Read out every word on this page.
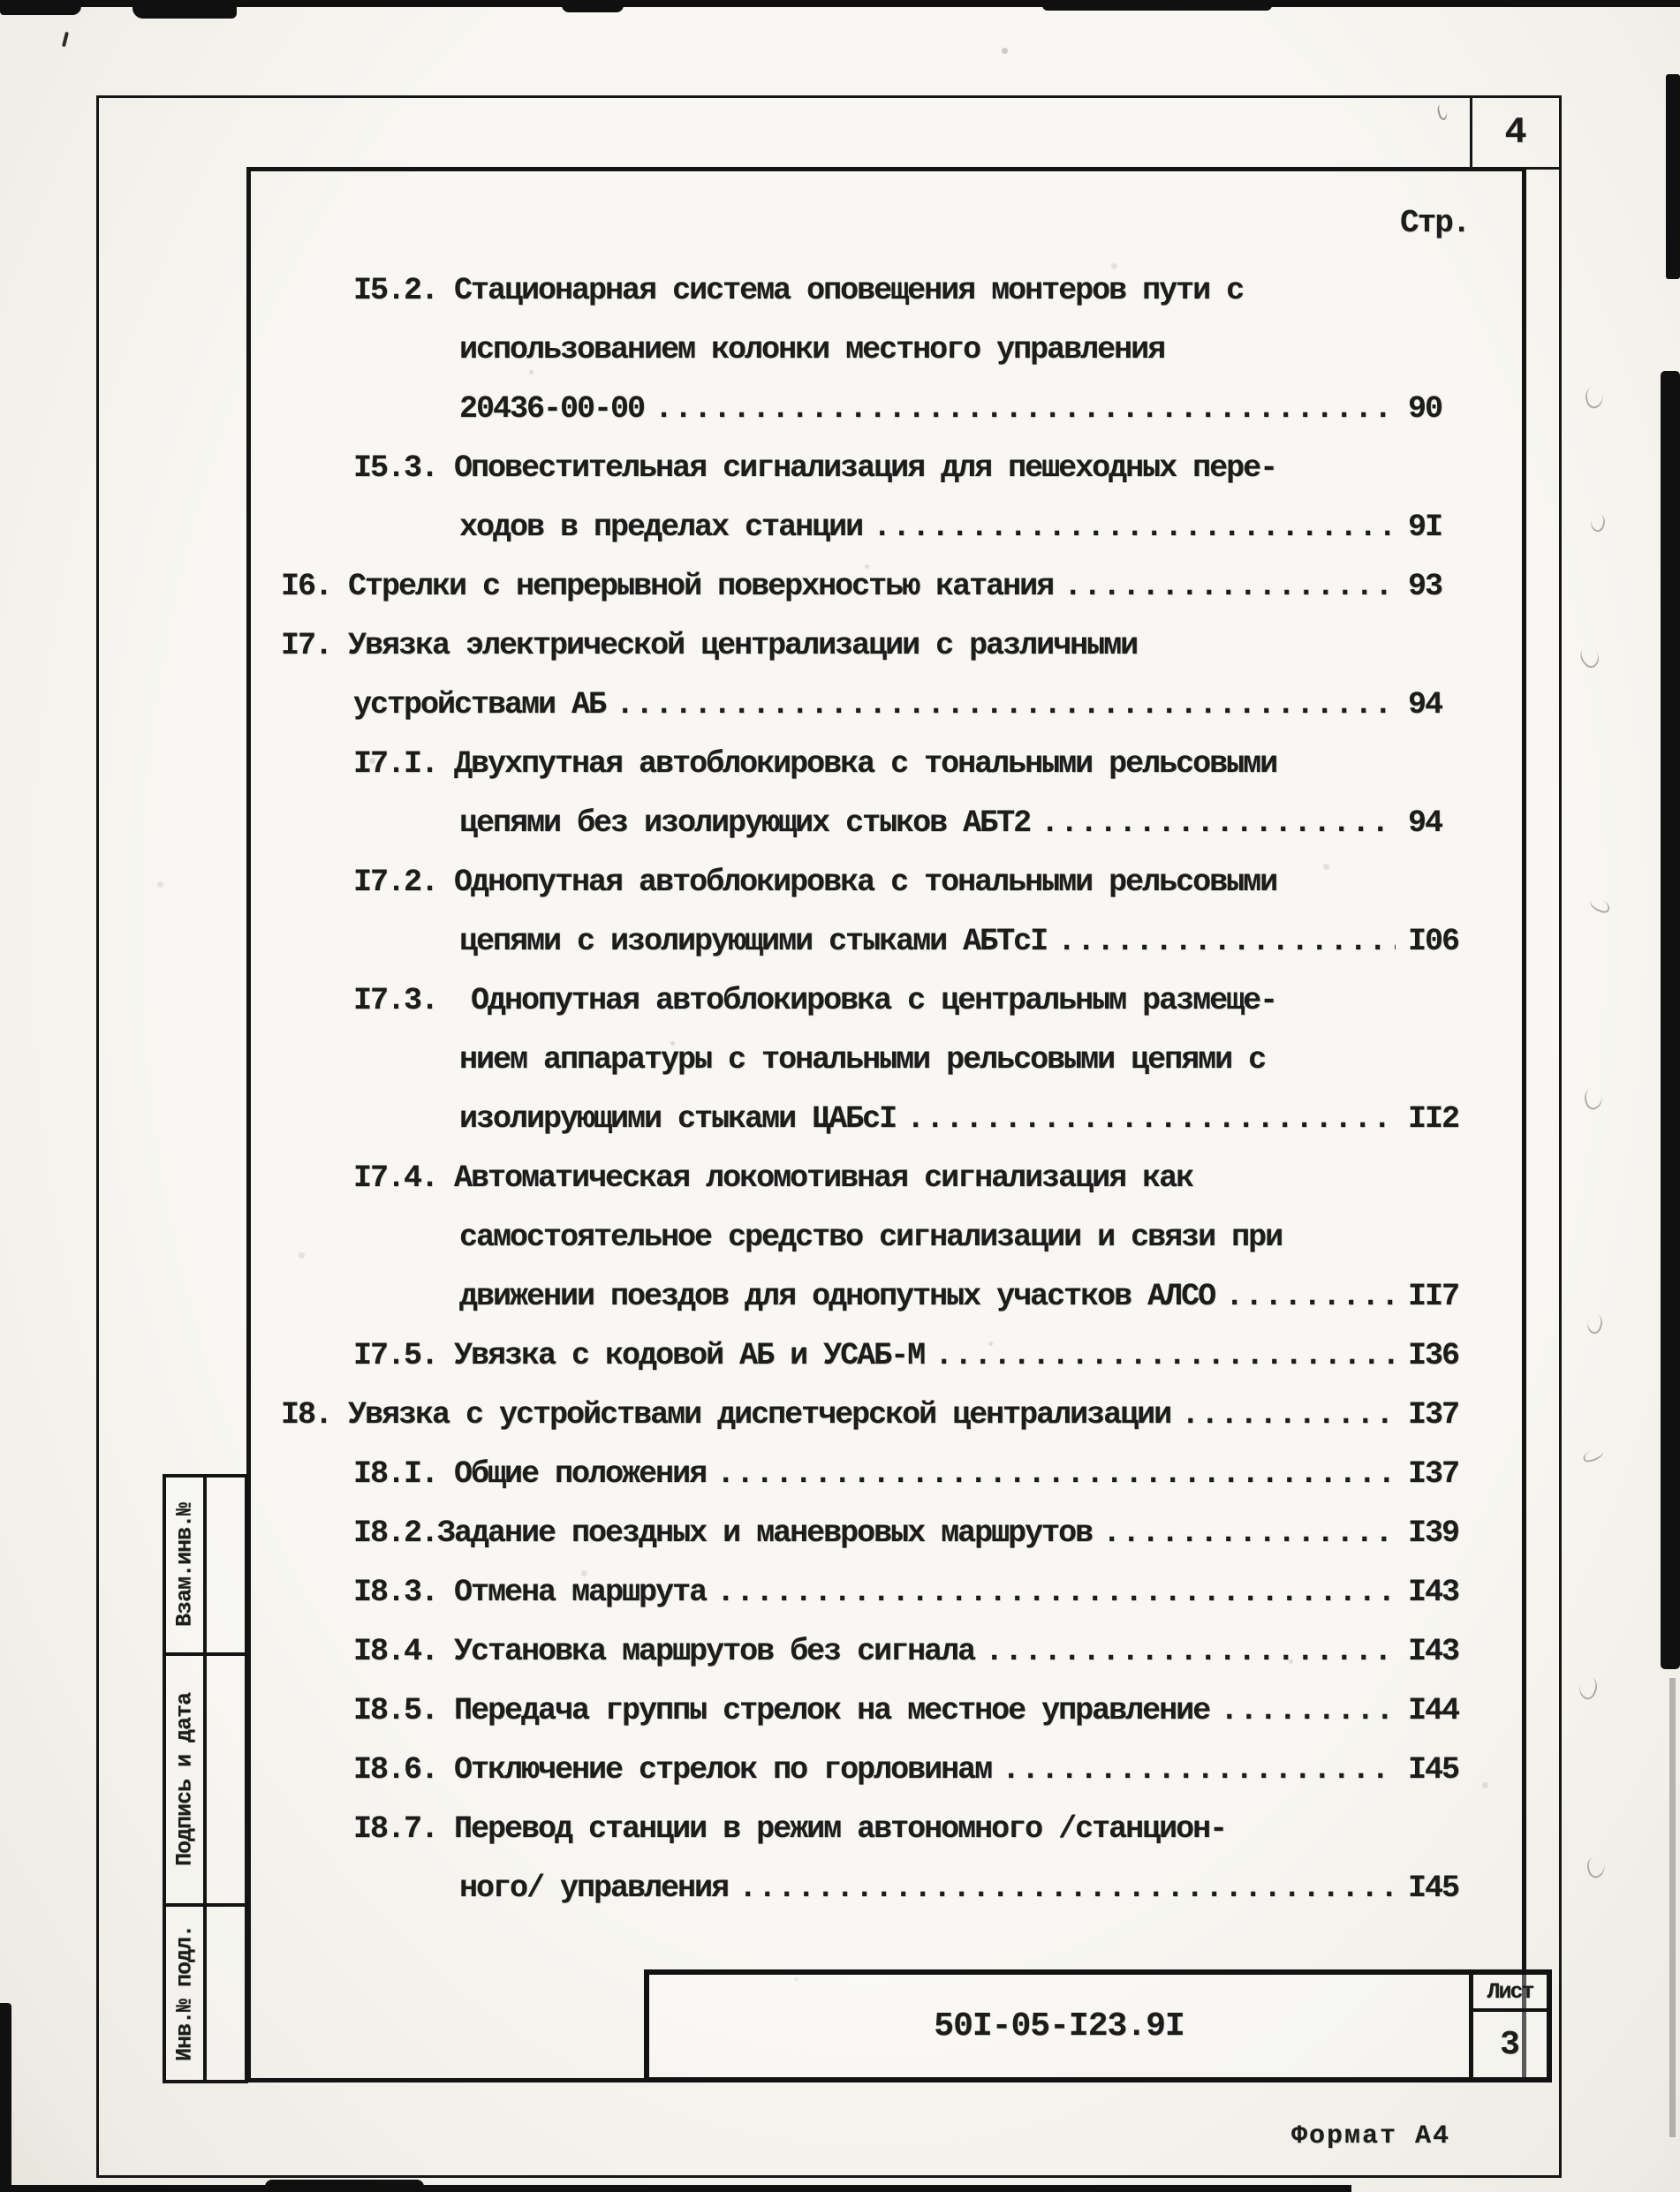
4
Стр.
I5.2. Стационарная система оповещения монтеров пути с
использованием колонки местного управления
20436-00-00 .....	90
I5.3. Оповестительная сигнализация для пешеходных пере-
ходов в пределах станции .....	9I
I6. Стрелки с непрерывной поверхностью катания .....	93
I7. Увязка электрической централизации с различными
устройствами АБ .....	94
I7.I. Двухпутная автоблокировка с тональными рельсовыми
цепями без изолирующих стыков АБТ2 .....	94
I7.2. Однопутная автоблокировка с тональными рельсовыми
цепями с изолирующими стыками АБТсI .....	I06
I7.3.  Однопутная автоблокировка с центральным размеще-
нием аппаратуры с тональными рельсовыми цепями с
изолирующими стыками ЦАБсI .....	II2
I7.4. Автоматическая локомотивная сигнализация как
самостоятельное средство сигнализации и связи при
движении поездов для однопутных участков АЛСО .....	II7
I7.5. Увязка с кодовой АБ и УСАБ-М .....	I36
I8. Увязка с устройствами диспетчерской централизации .....	I37
I8.I. Общие положения .....	I37
I8.2.Задание поездных и маневровых маршрутов .....	I39
I8.3. Отмена маршрута .....	I43
I8.4. Установка маршрутов без сигнала .....	I43
I8.5. Передача группы стрелок на местное управление .....	I44
I8.6. Отключение стрелок по горловинам .....	I45
I8.7. Перевод станции в режим автономного /станцион-
ного/ управления .....	I45
Взам.инв.№
Подпись и дата
Инв.№ подл.	50I-05-I23.9I
Лист
3
Формат А4
